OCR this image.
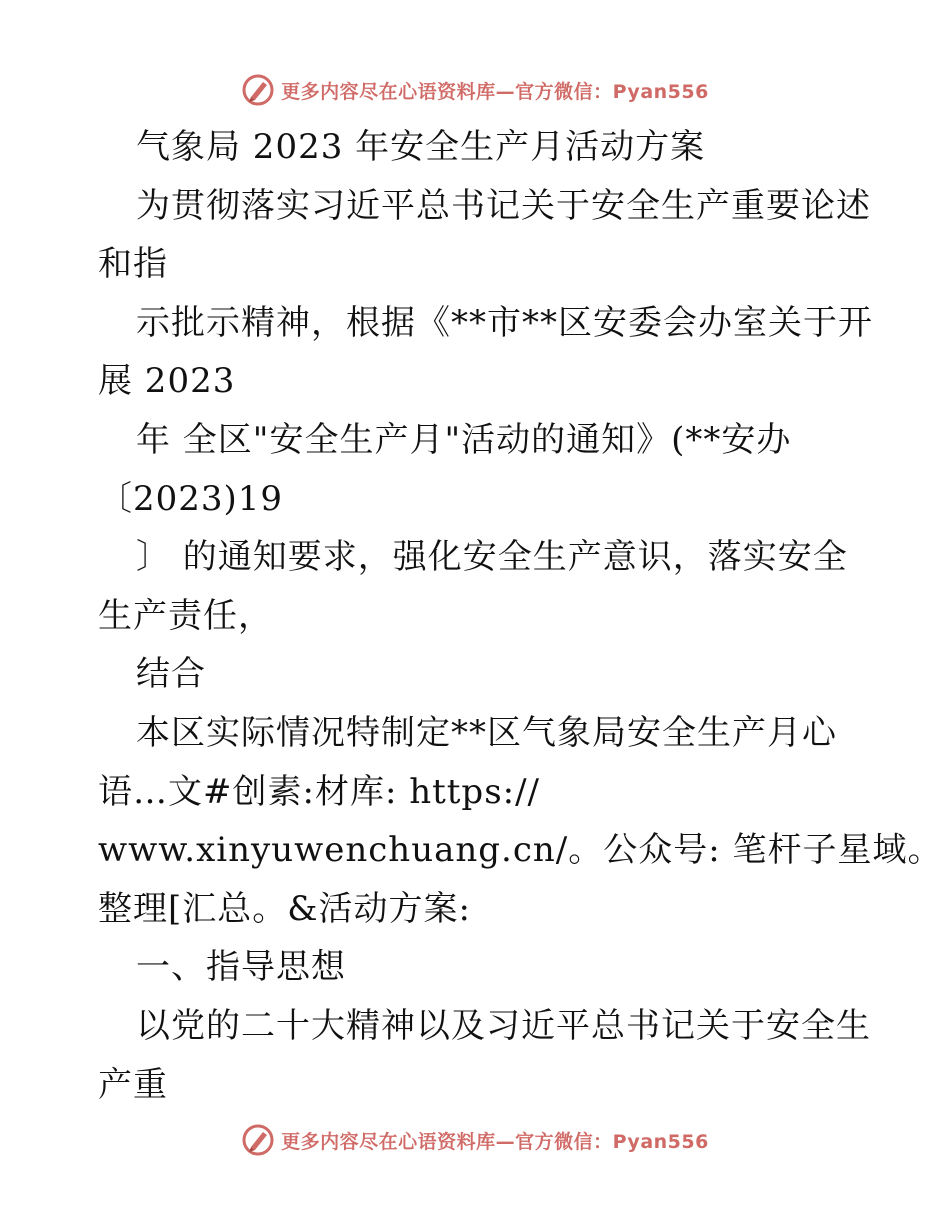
更多内容尽在心语资料库—官方微信：Pyan556
气象局 2023 年安全生产月活动方案
为贯彻落实习近平总书记关于安全生产重要论述
和指
示批示精神，根据《**市**区安委会办室关于开
展 2023
年 全区"安全生产月"活动的通知》(**安办
〔2023)19
〕 的通知要求，强化安全生产意识，落实安全
生产责任，
结合
本区实际情况特制定**区气象局安全生产月心
语…文#创素:材库: https://
www.xinyuwenchuang.cn/。公众号: 笔杆子星域。
整理[汇总。&活动方案:
一、指导思想
以党的二十大精神以及习近平总书记关于安全生
产重
更多内容尽在心语资料库—官方微信：Pyan556
